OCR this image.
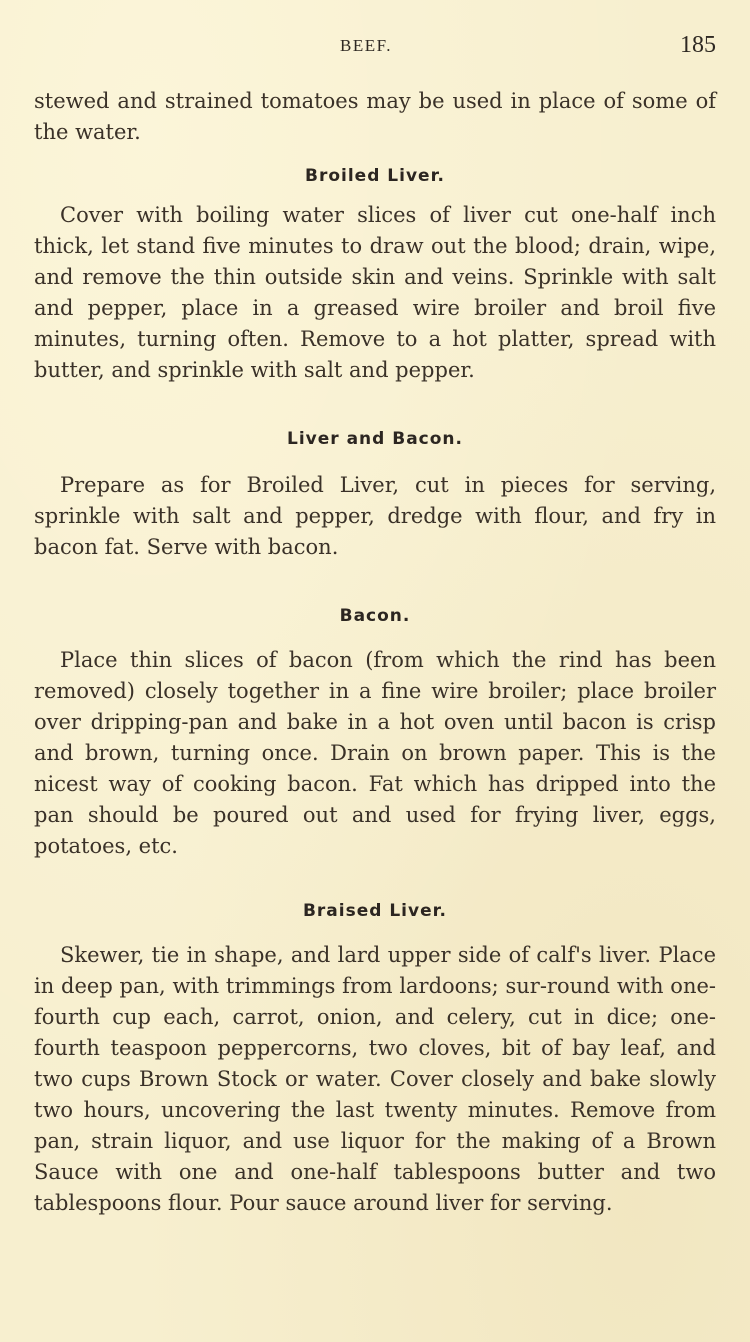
BEEF.	185

stewed and strained tomatoes may be used in place of some of the water.

Broiled Liver.

Cover with boiling water slices of liver cut one-half inch thick, let stand five minutes to draw out the blood; drain, wipe, and remove the thin outside skin and veins. Sprinkle with salt and pepper, place in a greased wire broiler and broil five minutes, turning often. Remove to a hot platter, spread with butter, and sprinkle with salt and pepper.

Liver and Bacon.

Prepare as for Broiled Liver, cut in pieces for serving, sprinkle with salt and pepper, dredge with flour, and fry in bacon fat. Serve with bacon.

Bacon.

Place thin slices of bacon (from which the rind has been removed) closely together in a fine wire broiler; place broiler over dripping-pan and bake in a hot oven until bacon is crisp and brown, turning once. Drain on brown paper. This is the nicest way of cooking bacon. Fat which has dripped into the pan should be poured out and used for frying liver, eggs, potatoes, etc.

Braised Liver.

Skewer, tie in shape, and lard upper side of calf's liver. Place in deep pan, with trimmings from lardoons; sur-round with one-fourth cup each, carrot, onion, and celery, cut in dice; one-fourth teaspoon peppercorns, two cloves, bit of bay leaf, and two cups Brown Stock or water. Cover closely and bake slowly two hours, uncovering the last twenty minutes. Remove from pan, strain liquor, and use liquor for the making of a Brown Sauce with one and one-half tablespoons butter and two tablespoons flour. Pour sauce around liver for serving.
